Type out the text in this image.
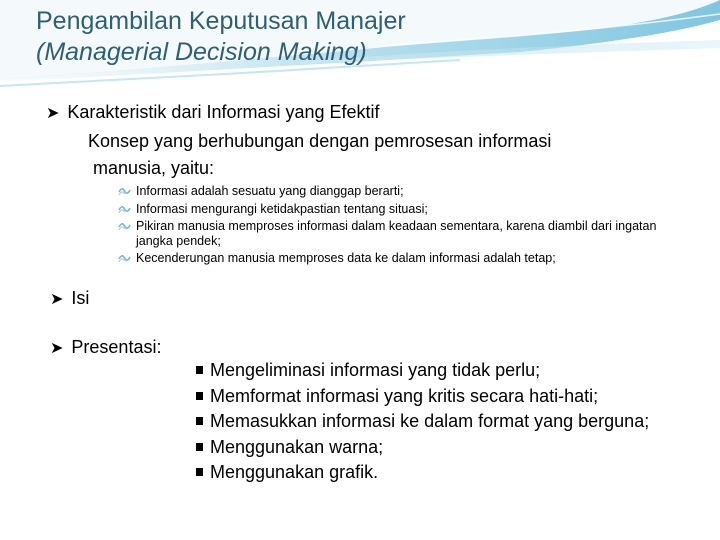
Pengambilan Keputusan Manajer
(Managerial Decision Making)
➤ Karakteristik dari Informasi yang Efektif
Konsep yang berhubungan dengan pemrosesan informasi
manusia, yaitu:
Informasi adalah sesuatu yang dianggap berarti;
Informasi mengurangi ketidakpastian tentang situasi;
Pikiran manusia memproses informasi dalam keadaan sementara, karena diambil dari ingatan jangka pendek;
Kecenderungan manusia memproses data ke dalam informasi adalah tetap;
➤ Isi
➤ Presentasi:
Mengeliminasi informasi yang tidak perlu;
Memformat informasi yang kritis secara hati-hati;
Memasukkan informasi ke dalam format yang berguna;
Menggunakan warna;
Menggunakan grafik.
